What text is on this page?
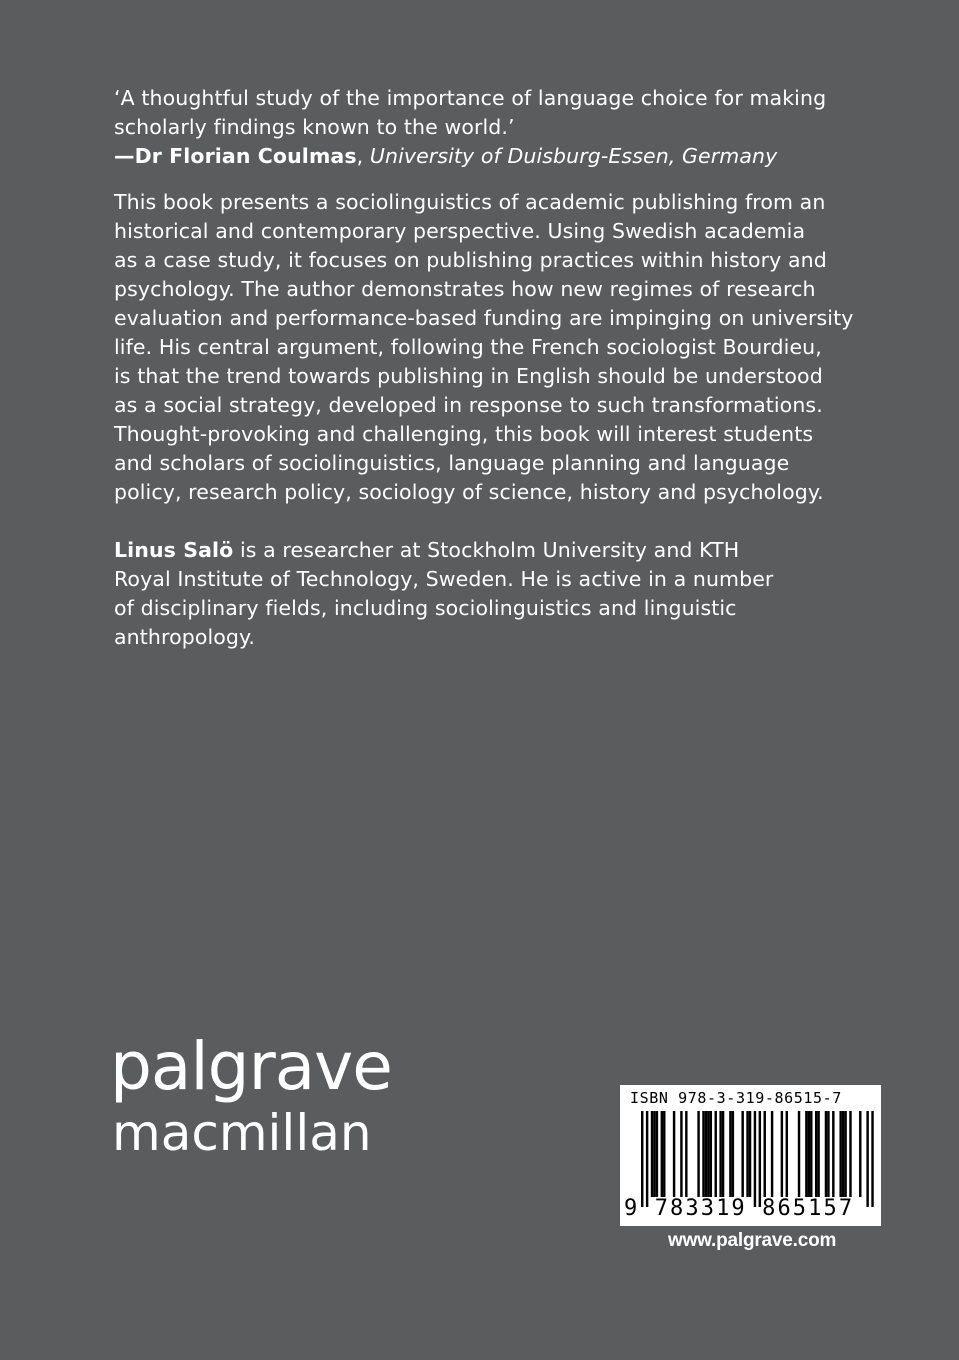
‘A thoughtful study of the importance of language choice for making scholarly findings known to the world.’
—Dr Florian Coulmas, University of Duisburg-Essen, Germany

This book presents a sociolinguistics of academic publishing from an
historical and contemporary perspective. Using Swedish academia
as a case study, it focuses on publishing practices within history and
psychology. The author demonstrates how new regimes of research
evaluation and performance-based funding are impinging on university
life. His central argument, following the French sociologist Bourdieu,
is that the trend towards publishing in English should be understood
as a social strategy, developed in response to such transformations.
Thought-provoking and challenging, this book will interest students
and scholars of sociolinguistics, language planning and language
policy, research policy, sociology of science, history and psychology.

Linus Salö is a researcher at Stockholm University and KTH
Royal Institute of Technology, Sweden. He is active in a number
of disciplinary fields, including sociolinguistics and linguistic
anthropology.

palgrave
macmillan
ISBN 978-3-319-86515-7
9 783319 865157
www.palgrave.com
